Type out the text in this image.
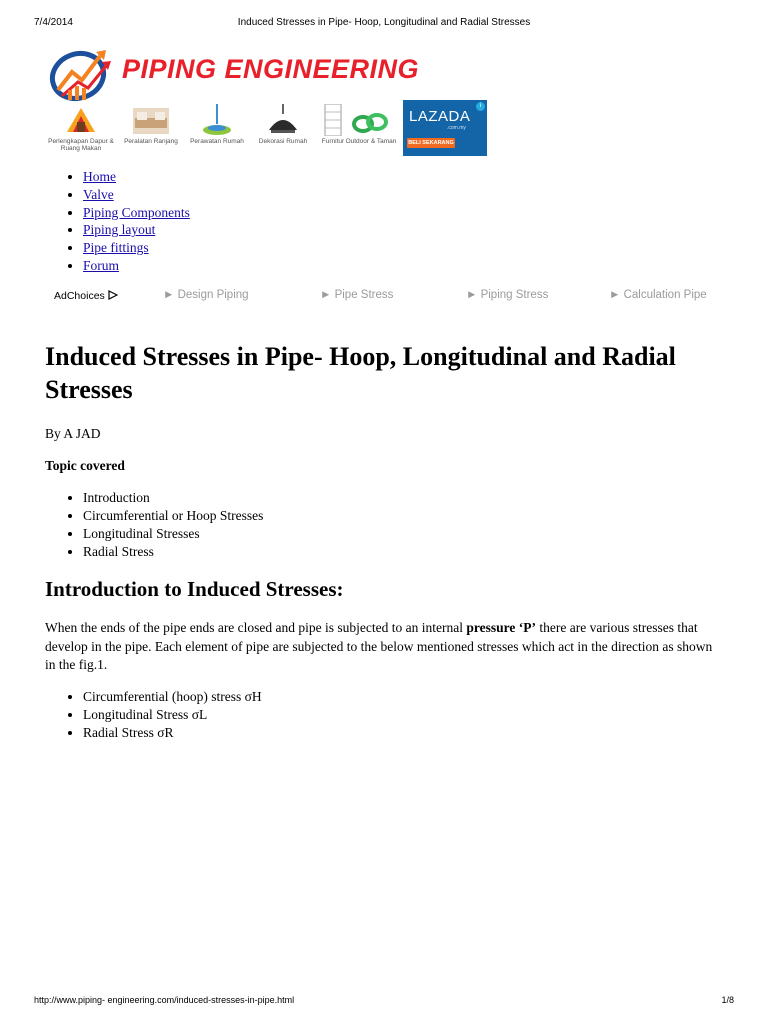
7/4/2014	Induced Stresses in Pipe- Hoop, Longitudinal and Radial Stresses
PIPING ENGINEERING
Perlengkapan Dapur & Ruang Makan
Peralatan Ranjang	Perawatan Rumah	Dekorasi Rumah	Furnitur Outdoor & Taman
i
LAZADA
.com.my
BELI SEKARANG
• Home
• Valve
• Piping Components
• Piping layout
• Pipe fittings
• Forum
AdChoices	► Design Piping	► Pipe Stress	► Piping Stress	► Calculation Pipe
Induced Stresses in Pipe- Hoop, Longitudinal and Radial Stresses
By A JAD
Topic covered
• Introduction
• Circumferential or Hoop Stresses
• Longitudinal Stresses
• Radial Stress
Introduction to Induced Stresses:

When the ends of the pipe ends are closed and pipe is subjected to an internal pressure ‘P’ there are various stresses that develop in the pipe. Each element of pipe are subjected to the below mentioned stresses which act in the direction as shown in the fig.1.

• Circumferential (hoop) stress σH
• Longitudinal Stress σL
• Radial Stress σR
http://www.piping- engineering.com/induced-stresses-in-pipe.html	1/8
